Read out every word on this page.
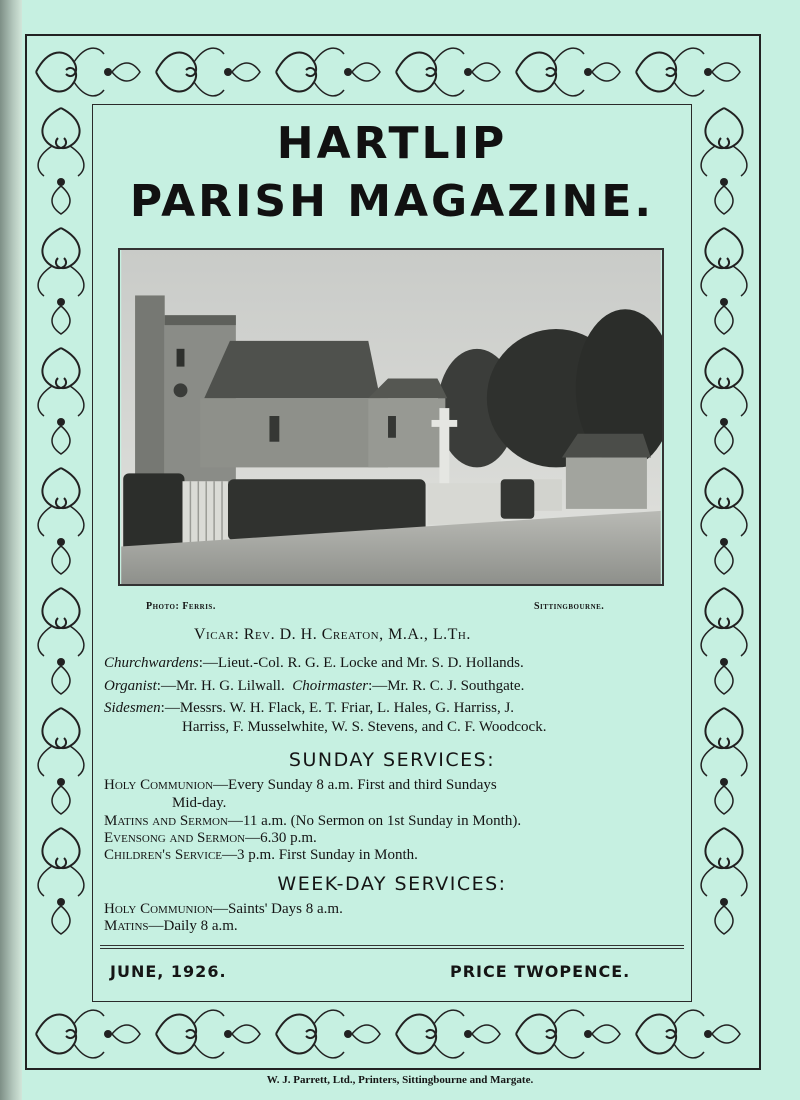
HARTLIP
PARISH MAGAZINE.
Photo: Ferris.	Sittingbourne.
Vicar: Rev. D. H. Creaton, M.A., L.Th.
Churchwardens:—Lieut.-Col. R. G. E. Locke and Mr. S. D. Hollands.
Organist:—Mr. H. G. Lilwall. Choirmaster:—Mr. R. C. J. Southgate.
Sidesmen:—Messrs. W. H. Flack, E. T. Friar, L. Hales, G. Harriss, J.
Harriss, F. Musselwhite, W. S. Stevens, and C. F. Woodcock.
SUNDAY SERVICES:
Holy Communion—Every Sunday 8 a.m. First and third Sundays
Mid-day.
Matins and Sermon—11 a.m. (No Sermon on 1st Sunday in Month).
Evensong and Sermon—6.30 p.m.
Children's Service—3 p.m. First Sunday in Month.
WEEK-DAY SERVICES:
Holy Communion—Saints' Days 8 a.m.
Matins—Daily 8 a.m.
JUNE, 1926.	PRICE TWOPENCE.
W. J. Parrett, Ltd., Printers, Sittingbourne and Margate.
